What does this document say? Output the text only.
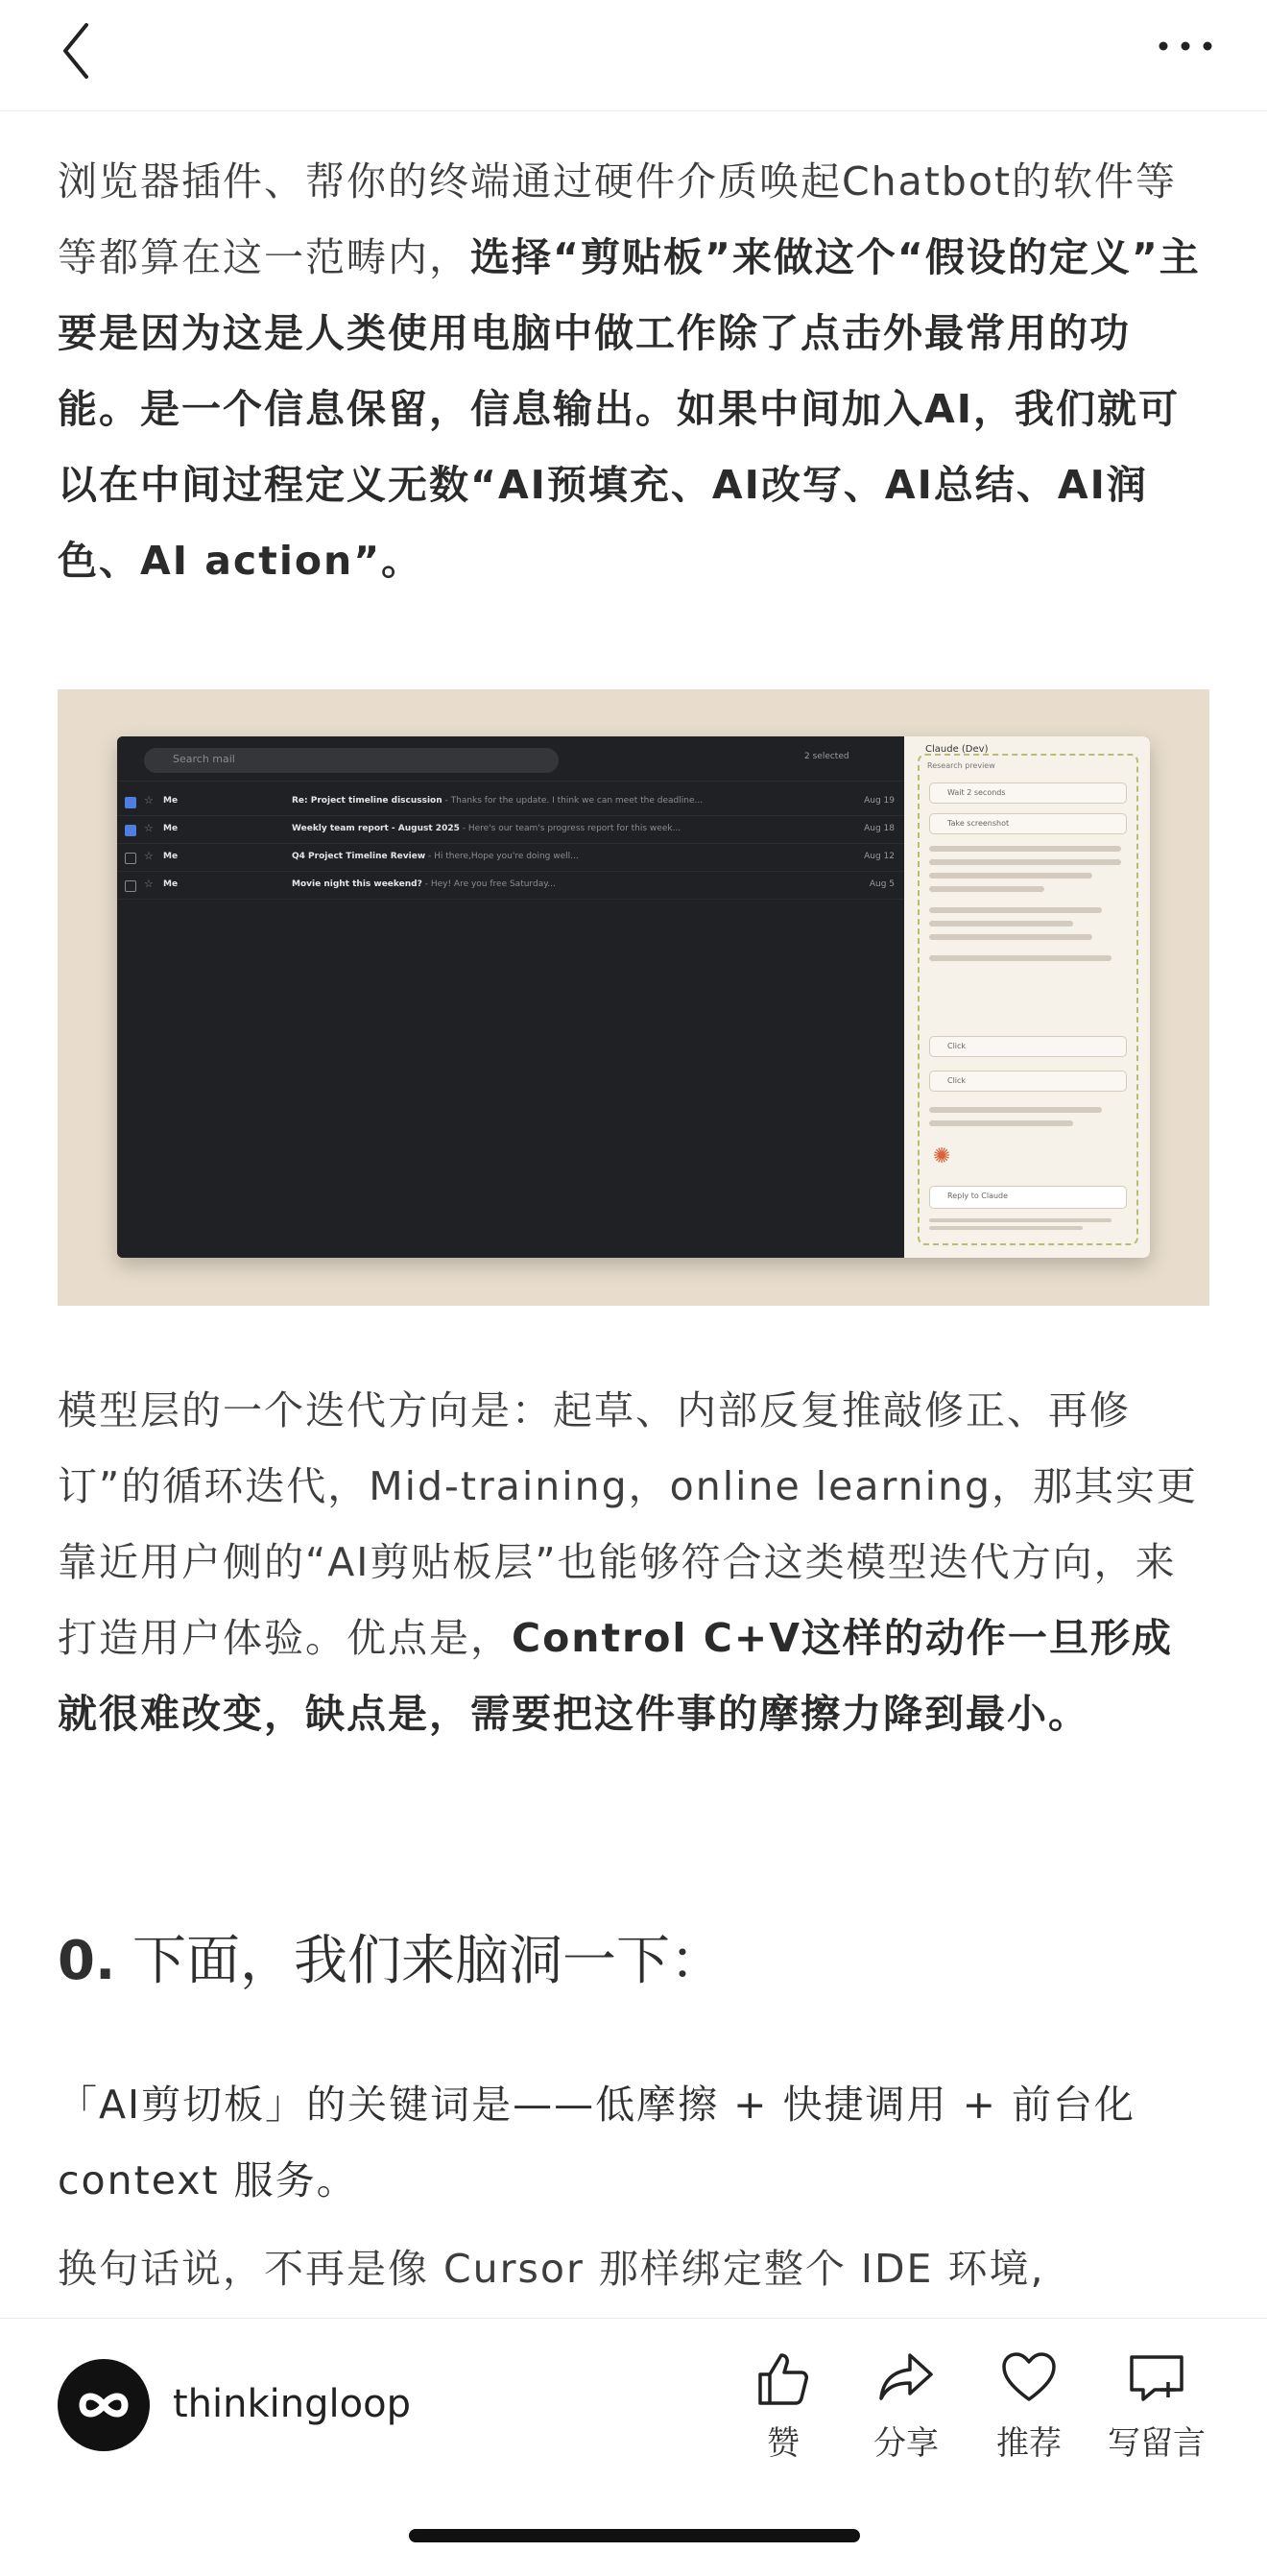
浏览器插件、帮你的终端通过硬件介质唤起Chatbot的软件等等都算在这一范畴内，选择“剪贴板”来做这个“假设的定义”主要是因为这是人类使用电脑中做工作除了点击外最常用的功能。是一个信息保留，信息输出。如果中间加入AI，我们就可以在中间过程定义无数“AI预填充、AI改写、AI总结、AI润色、AI action”。

Search mail	2 selected
☆ Me	Re: Project timeline discussion - Thanks for the update. I think we can meet the deadline...	Aug 19
☆ Me	Weekly team report - August 2025 - Here's our team's progress report for this week...	Aug 18
☆ Me	Q4 Project Timeline Review - Hi there,Hope you're doing well...	Aug 12
☆ Me	Movie night this weekend? - Hey! Are you free Saturday...	Aug 5
Claude (Dev)
Research preview
Wait 2 seconds
Take screenshot
Click
Click
✺
Reply to Claude

模型层的一个迭代方向是：起草、内部反复推敲修正、再修订”的循环迭代，Mid-training，online learning，那其实更靠近用户侧的“AI剪贴板层”也能够符合这类模型迭代方向，来打造用户体验。优点是，Control C+V这样的动作一旦形成就很难改变，缺点是，需要把这件事的摩擦力降到最小。

0. 下面，我们来脑洞一下：

「AI剪切板」的关键词是——低摩擦 + 快捷调用 + 前台化 context 服务。

换句话说，不再是像 Cursor 那样绑定整个 IDE 环境,

thinkingloop
赞	分享	推荐	写留言
